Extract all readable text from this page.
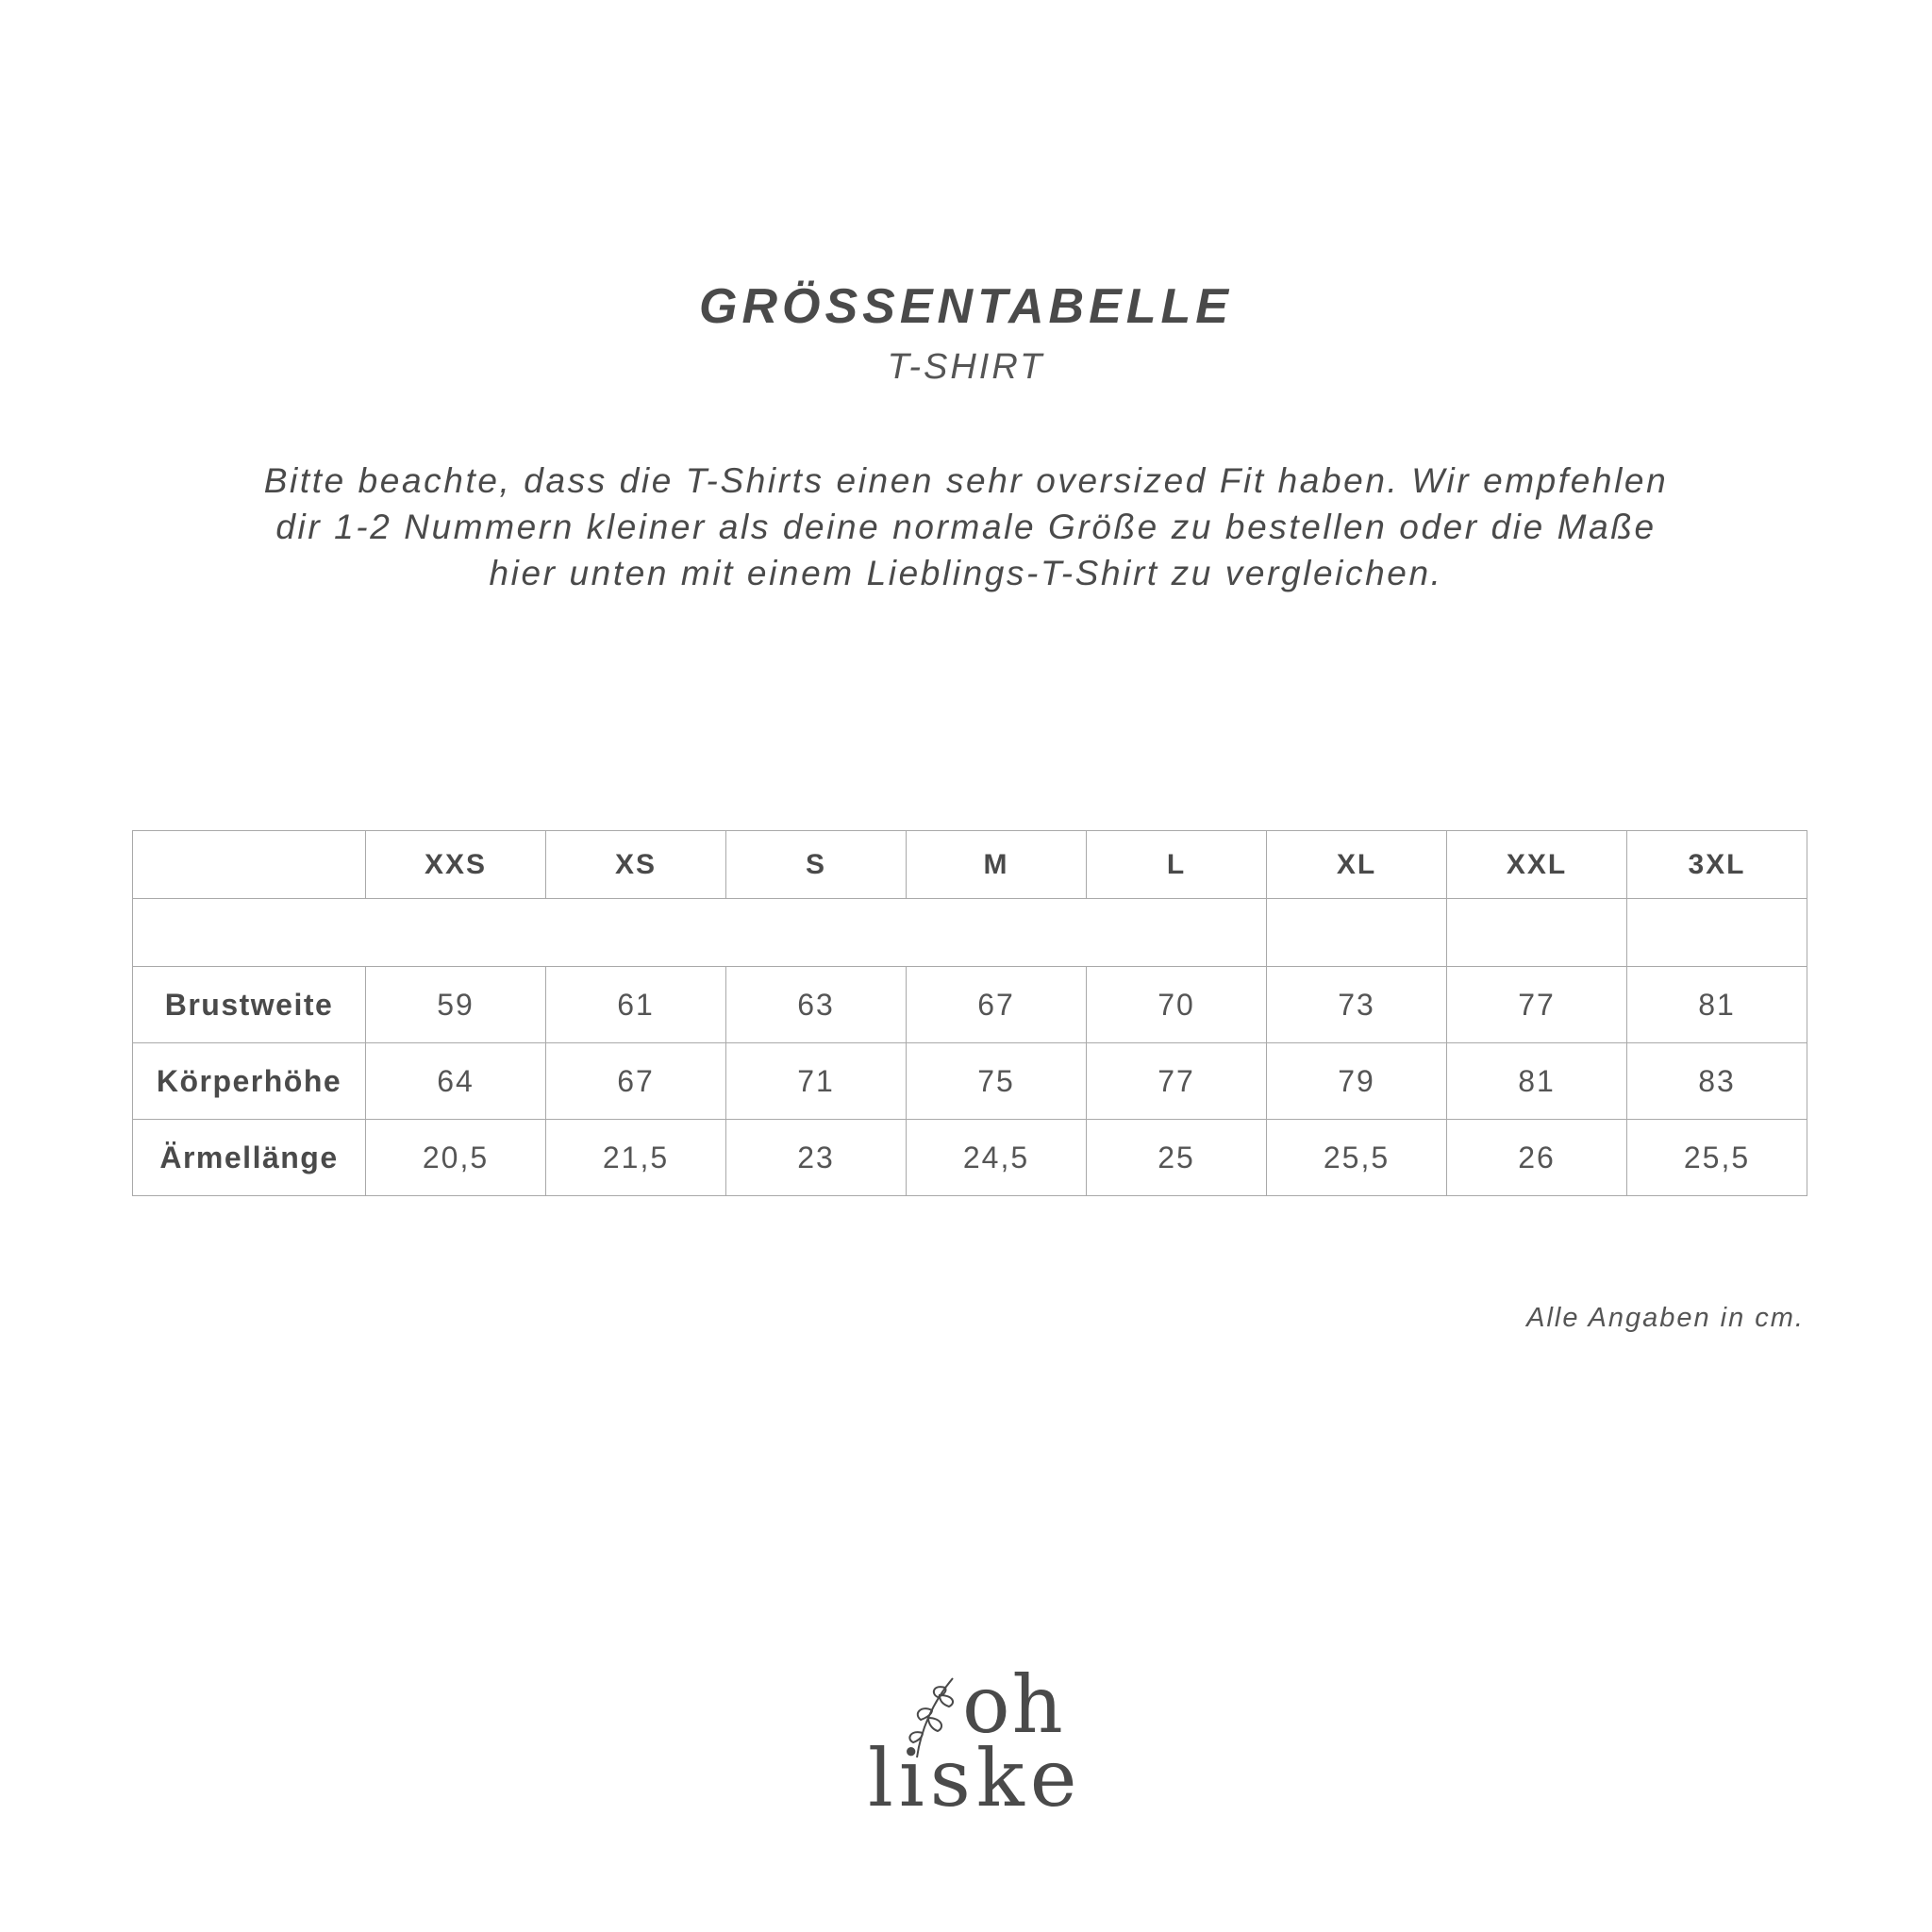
GRÖSSENTABELLE
T-SHIRT
Bitte beachte, dass die T-Shirts einen sehr oversized Fit haben. Wir empfehlen
dir 1-2 Nummern kleiner als deine normale Größe zu bestellen oder die Maße
hier unten mit einem Lieblings-T-Shirt zu vergleichen.
	XXS	XS	S	M	L	XL	XXL	3XL

Brustweite	59	61	63	67	70	73	77	81
Körperhöhe	64	67	71	75	77	79	81	83
Ärmellänge	20,5	21,5	23	24,5	25	25,5	26	25,5
Alle Angaben in cm.
oh
liske
